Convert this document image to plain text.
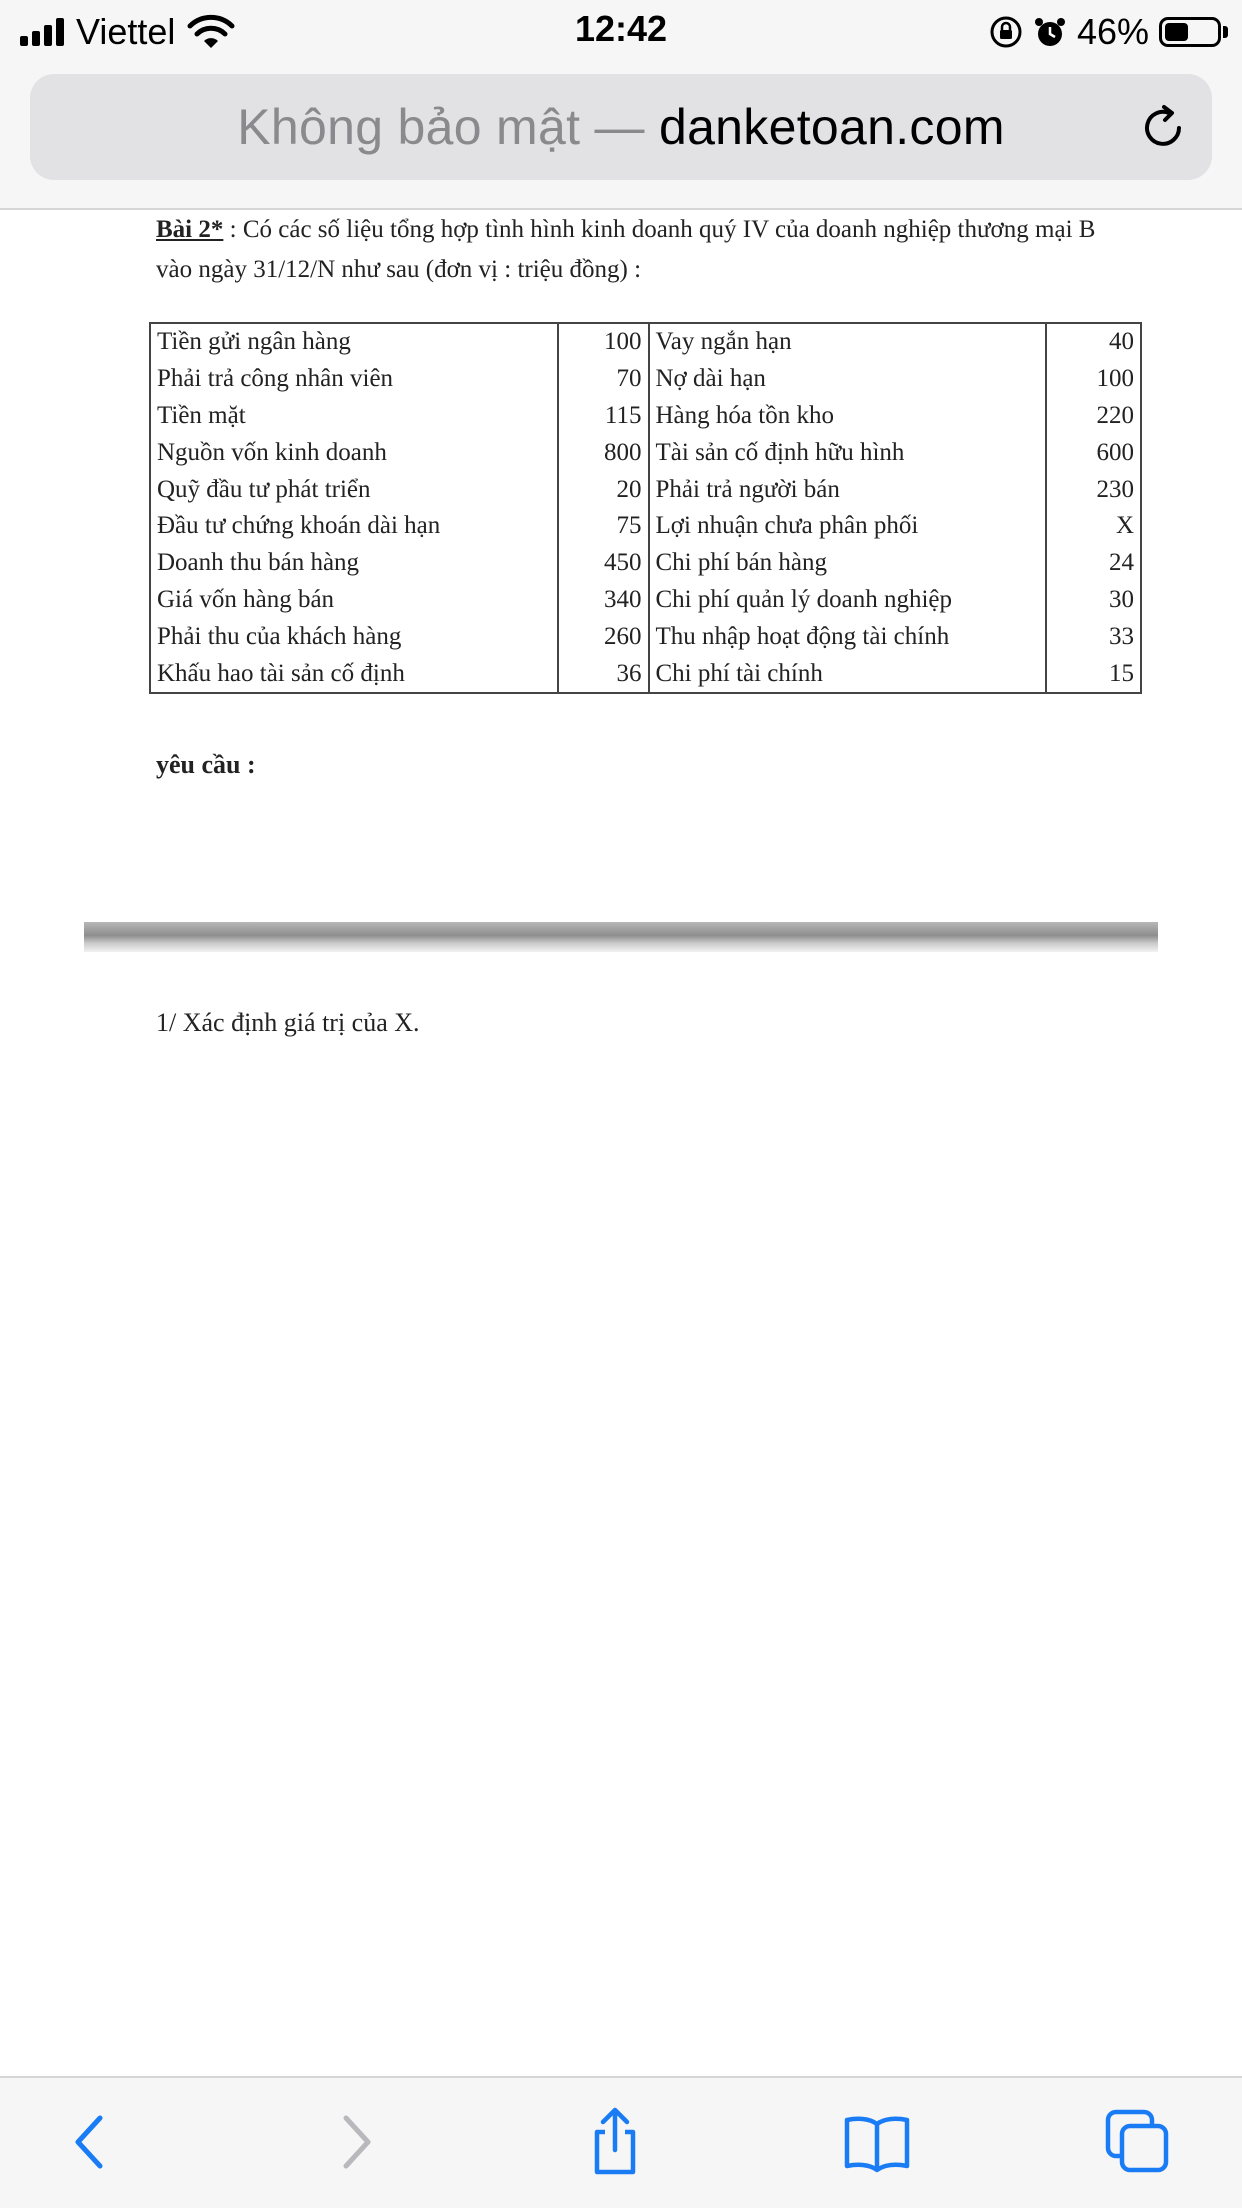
Viettel	12:42	46%
Không bảo mật — danketoan.com
Bài 2* : Có các số liệu tổng hợp tình hình kinh doanh quý IV của doanh nghiệp thương mại B vào ngày 31/12/N như sau (đơn vị : triệu đồng) :
Tiền gửi ngân hàng	100	Vay ngắn hạn	40
Phải trả công nhân viên	70	Nợ dài hạn	100
Tiền mặt	115	Hàng hóa tồn kho	220
Nguồn vốn kinh doanh	800	Tài sản cố định hữu hình	600
Quỹ đầu tư phát triển	20	Phải trả người bán	230
Đầu tư chứng khoán dài hạn	75	Lợi nhuận chưa phân phối	X
Doanh thu bán hàng	450	Chi phí bán hàng	24
Giá vốn hàng bán	340	Chi phí quản lý doanh nghiệp	30
Phải thu của khách hàng	260	Thu nhập hoạt động tài chính	33
Khấu hao tài sản cố định	36	Chi phí tài chính	15
yêu cầu :
1/ Xác định giá trị của X.
